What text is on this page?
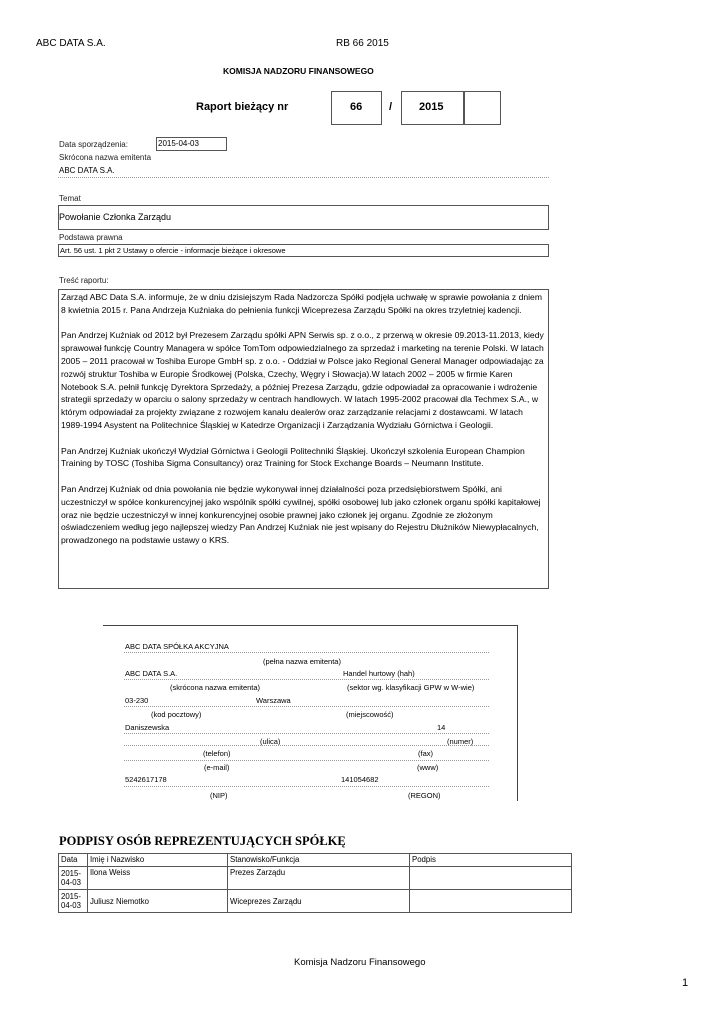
ABC DATA S.A.	RB 66 2015
KOMISJA NADZORU FINANSOWEGO
Raport bieżący nr	66 / 2015
Data sporządzenia:	2015-04-03
Skrócona nazwa emitenta
ABC DATA S.A.
Temat
Powołanie Członka Zarządu
Podstawa prawna
Art. 56 ust. 1 pkt 2 Ustawy o ofercie - informacje bieżące i okresowe
Treść raportu:

Zarząd ABC Data S.A. informuje, że w dniu dzisiejszym Rada Nadzorcza Spółki podjęła uchwałę w sprawie powołania z dniem 8 kwietnia 2015 r. Pana Andrzeja Kuźniaka do pełnienia funkcji Wiceprezesa Zarządu Spółki na okres trzyletniej kadencji.

Pan Andrzej Kuźniak od 2012 był Prezesem Zarządu spółki APN Serwis sp. z o.o., z przerwą w okresie 09.2013-11.2013, kiedy sprawował funkcję Country Managera w spółce TomTom odpowiedzialnego za sprzedaż i marketing na terenie Polski. W latach 2005 – 2011 pracował w Toshiba Europe GmbH sp. z o.o. - Oddział w Polsce jako Regional General Manager odpowiadając za rozwój struktur Toshiba w Europie Środkowej (Polska, Czechy, Węgry i Słowacja).W latach 2002 – 2005 w firmie Karen Notebook S.A. pełnił funkcję Dyrektora Sprzedaży, a później Prezesa Zarządu, gdzie odpowiadał za opracowanie i wdrożenie strategii sprzedaży w oparciu o salony sprzedaży w centrach handlowych. W latach 1995-2002 pracował dla Techmex S.A., w którym odpowiadał za projekty związane z rozwojem kanału dealerów oraz zarządzanie relacjami z dostawcami. W latach 1989-1994 Asystent na Politechnice Śląskiej w Katedrze Organizacji i Zarządzania Wydziału Górnictwa i Geologii.

Pan Andrzej Kuźniak ukończył Wydział Górnictwa i Geologii Politechniki Śląskiej. Ukończył szkolenia European Champion Training by TOSC (Toshiba Sigma Consultancy) oraz Training for Stock Exchange Boards – Neumann Institute.

Pan Andrzej Kuźniak od dnia powołania nie będzie wykonywał innej działalności poza przedsiębiorstwem Spółki, ani uczestniczył w spółce konkurencyjnej jako wspólnik spółki cywilnej, spółki osobowej lub jako członek organu spółki kapitałowej oraz nie będzie uczestniczył w innej konkurencyjnej osobie prawnej jako członek jej organu. Zgodnie ze złożonym oświadczeniem według jego najlepszej wiedzy Pan Andrzej Kuźniak nie jest wpisany do Rejestru Dłużników Niewypłacalnych, prowadzonego na podstawie ustawy o KRS.

ABC DATA SPÓŁKA AKCYJNA
(pełna nazwa emitenta)
ABC DATA S.A.	Handel hurtowy (hah)
(skrócona nazwa emitenta)	(sektor wg. klasyfikacji GPW w W-wie)
03-230	Warszawa
(kod pocztowy)	(miejscowość)
Daniszewska	14
(ulica)	(numer)
(telefon)	(fax)
(e-mail)	(www)
5242617178	141054682
(NIP)	(REGON)
PODPISY OSÓB REPREZENTUJĄCYCH SPÓŁKĘ
Data	Imię i Nazwisko	Stanowisko/Funkcja	Podpis
2015-04-03	Ilona Weiss	Prezes Zarządu	
2015-04-03	Juliusz Niemotko	Wiceprezes Zarządu	
Komisja Nadzoru Finansowego
1
